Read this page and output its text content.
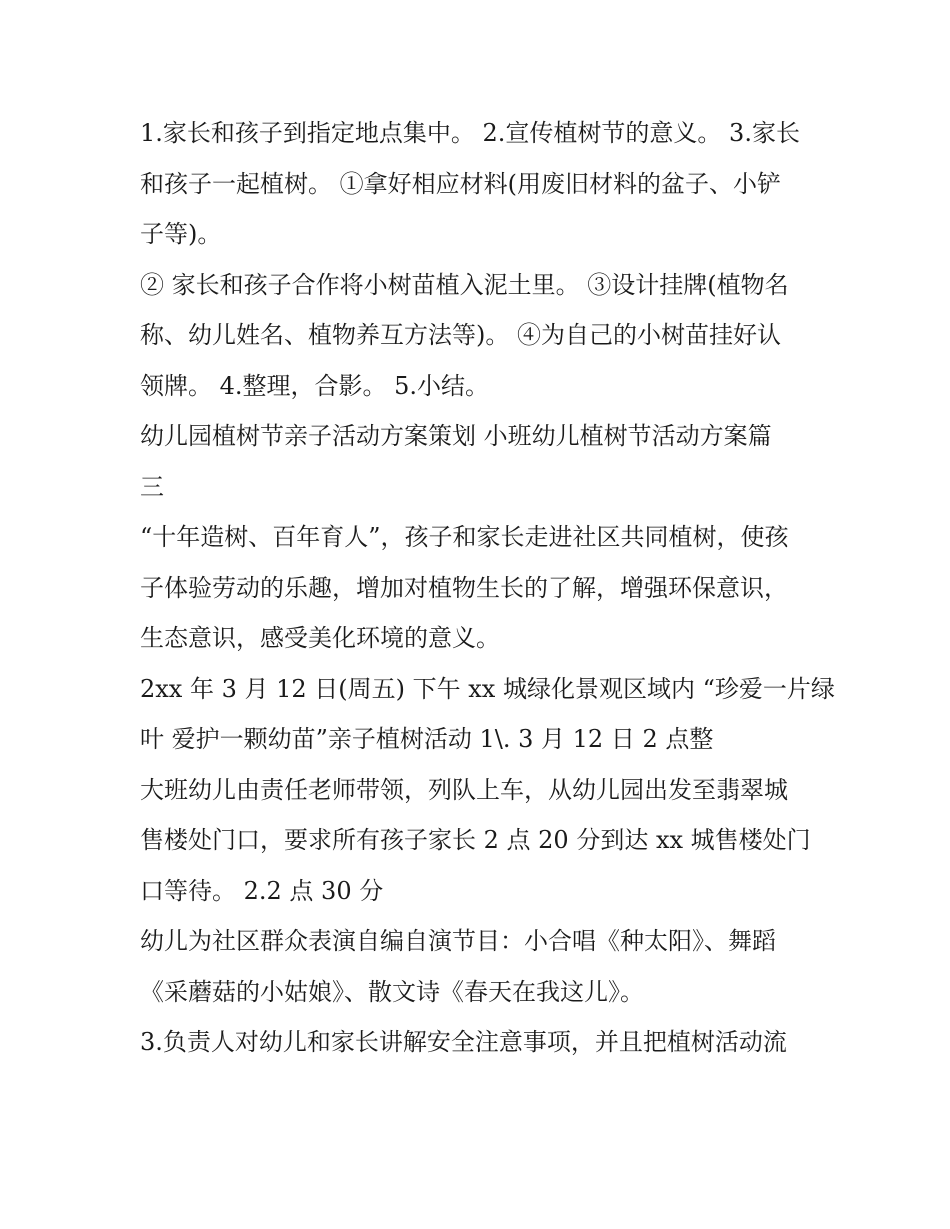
1.家长和孩子到指定地点集中。 2.宣传植树节的意义。 3.家长
和孩子一起植树。 ①拿好相应材料(用废旧材料的盆子、小铲
子等)。
② 家长和孩子合作将小树苗植入泥土里。 ③设计挂牌(植物名
称、幼儿姓名、植物养互方法等)。 ④为自己的小树苗挂好认
领牌。 4.整理，合影。 5.小结。
幼儿园植树节亲子活动方案策划 小班幼儿植树节活动方案篇
三
“十年造树、百年育人”，孩子和家长走进社区共同植树，使孩
子体验劳动的乐趣，增加对植物生长的了解，增强环保意识，
生态意识，感受美化环境的意义。
2xx 年 3 月 12 日(周五) 下午 xx 城绿化景观区域内 “珍爱一片绿
叶 爱护一颗幼苗”亲子植树活动 1\. 3 月 12 日 2 点整
大班幼儿由责任老师带领，列队上车，从幼儿园出发至翡翠城
售楼处门口，要求所有孩子家长 2 点 20 分到达 xx 城售楼处门
口等待。 2.2 点 30 分
幼儿为社区群众表演自编自演节目：小合唱《种太阳》、舞蹈
《采蘑菇的小姑娘》、散文诗《春天在我这儿》。
3.负责人对幼儿和家长讲解安全注意事项，并且把植树活动流
